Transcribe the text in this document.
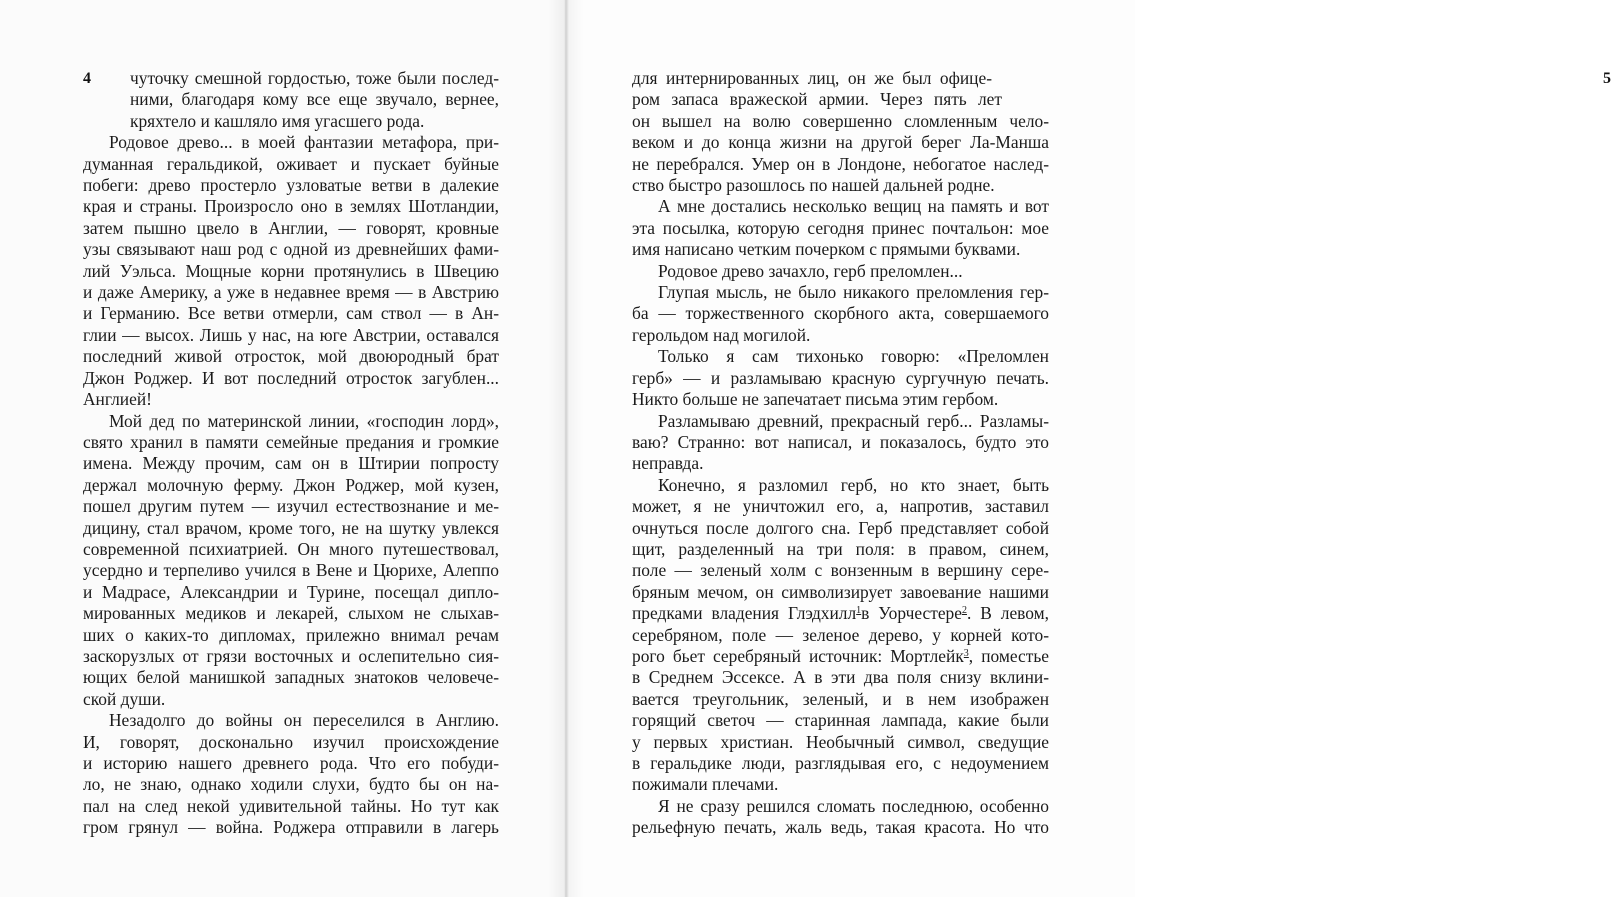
4	чуточку смешной гордостью, тоже были послед-
ними, благодаря кому все еще звучало, вернее,
кряхтело и кашляло имя угасшего рода.
Родовое древо... в моей фантазии метафора, при-
думанная геральдикой, оживает и пускает буйные
побеги: древо простерло узловатые ветви в далекие
края и страны. Произросло оно в землях Шотландии,
затем пышно цвело в Англии, — говорят, кровные
узы связывают наш род с одной из древнейших фами-
лий Уэльса. Мощные корни протянулись в Швецию
и даже Америку, а уже в недавнее время — в Австрию
и Германию. Все ветви отмерли, сам ствол — в Ан-
глии — высох. Лишь у нас, на юге Австрии, оставался
последний живой отросток, мой двоюродный брат
Джон Роджер. И вот последний отросток загублен...
Англией!
Мой дед по материнской линии, «господин лорд»,
свято хранил в памяти семейные предания и громкие
имена. Между прочим, сам он в Штирии попросту
держал молочную ферму. Джон Роджер, мой кузен,
пошел другим путем — изучил естествознание и ме-
дицину, стал врачом, кроме того, не на шутку увлекся
современной психиатрией. Он много путешествовал,
усердно и терпеливо учился в Вене и Цюрихе, Алеппо
и Мадрасе, Александрии и Турине, посещал дипло-
мированных медиков и лекарей, слыхом не слыхав-
ших о каких-то дипломах, прилежно внимал речам
заскорузлых от грязи восточных и ослепительно сия-
ющих белой манишкой западных знатоков человече-
ской души.
Незадолго до войны он переселился в Англию.
И, говорят, досконально изучил происхождение
и историю нашего древнего рода. Что его побуди-
ло, не знаю, однако ходили слухи, будто бы он на-
пал на след некой удивительной тайны. Но тут как
гром грянул — война. Роджера отправили в лагерь
5
для интернированных лиц, он же был офице-
ром запаса вражеской армии. Через пять лет
он вышел на волю совершенно сломленным чело-
веком и до конца жизни на другой берег Ла-Манша
не перебрался. Умер он в Лондоне, небогатое наслед-
ство быстро разошлось по нашей дальней родне.
А мне достались несколько вещиц на память и вот
эта посылка, которую сегодня принес почтальон: мое
имя написано четким почерком с прямыми буквами.
Родовое древо зачахло, герб преломлен...
Глупая мысль, не было никакого преломления гер-
ба — торжественного скорбного акта, совершаемого
герольдом над могилой.
Только я сам тихонько говорю: «Преломлен
герб» — и разламываю красную сургучную печать.
Никто больше не запечатает письма этим гербом.
Разламываю древний, прекрасный герб... Разламы-
ваю? Странно: вот написал, и показалось, будто это
неправда.
Конечно, я разломил герб, но кто знает, быть
может, я не уничтожил его, а, напротив, заставил
очнуться после долгого сна. Герб представляет собой
щит, разделенный на три поля: в правом, синем,
поле — зеленый холм с вонзенным в вершину сере-
бряным мечом, он символизирует завоевание нашими
предками владения Глэдхилл$^1$в Уорчестере$^2$. В левом,
серебряном, поле — зеленое дерево, у корней кото-
рого бьет серебряный источник: Мортлейк$^3$, поместье
в Среднем Эссексе. А в эти два поля снизу вклини-
вается треугольник, зеленый, и в нем изображен
горящий светоч — старинная лампада, какие были
у первых христиан. Необычный символ, сведущие
в геральдике люди, разглядывая его, с недоумением
пожимали плечами.
Я не сразу решился сломать последнюю, особенно
рельефную печать, жаль ведь, такая красота. Но что
